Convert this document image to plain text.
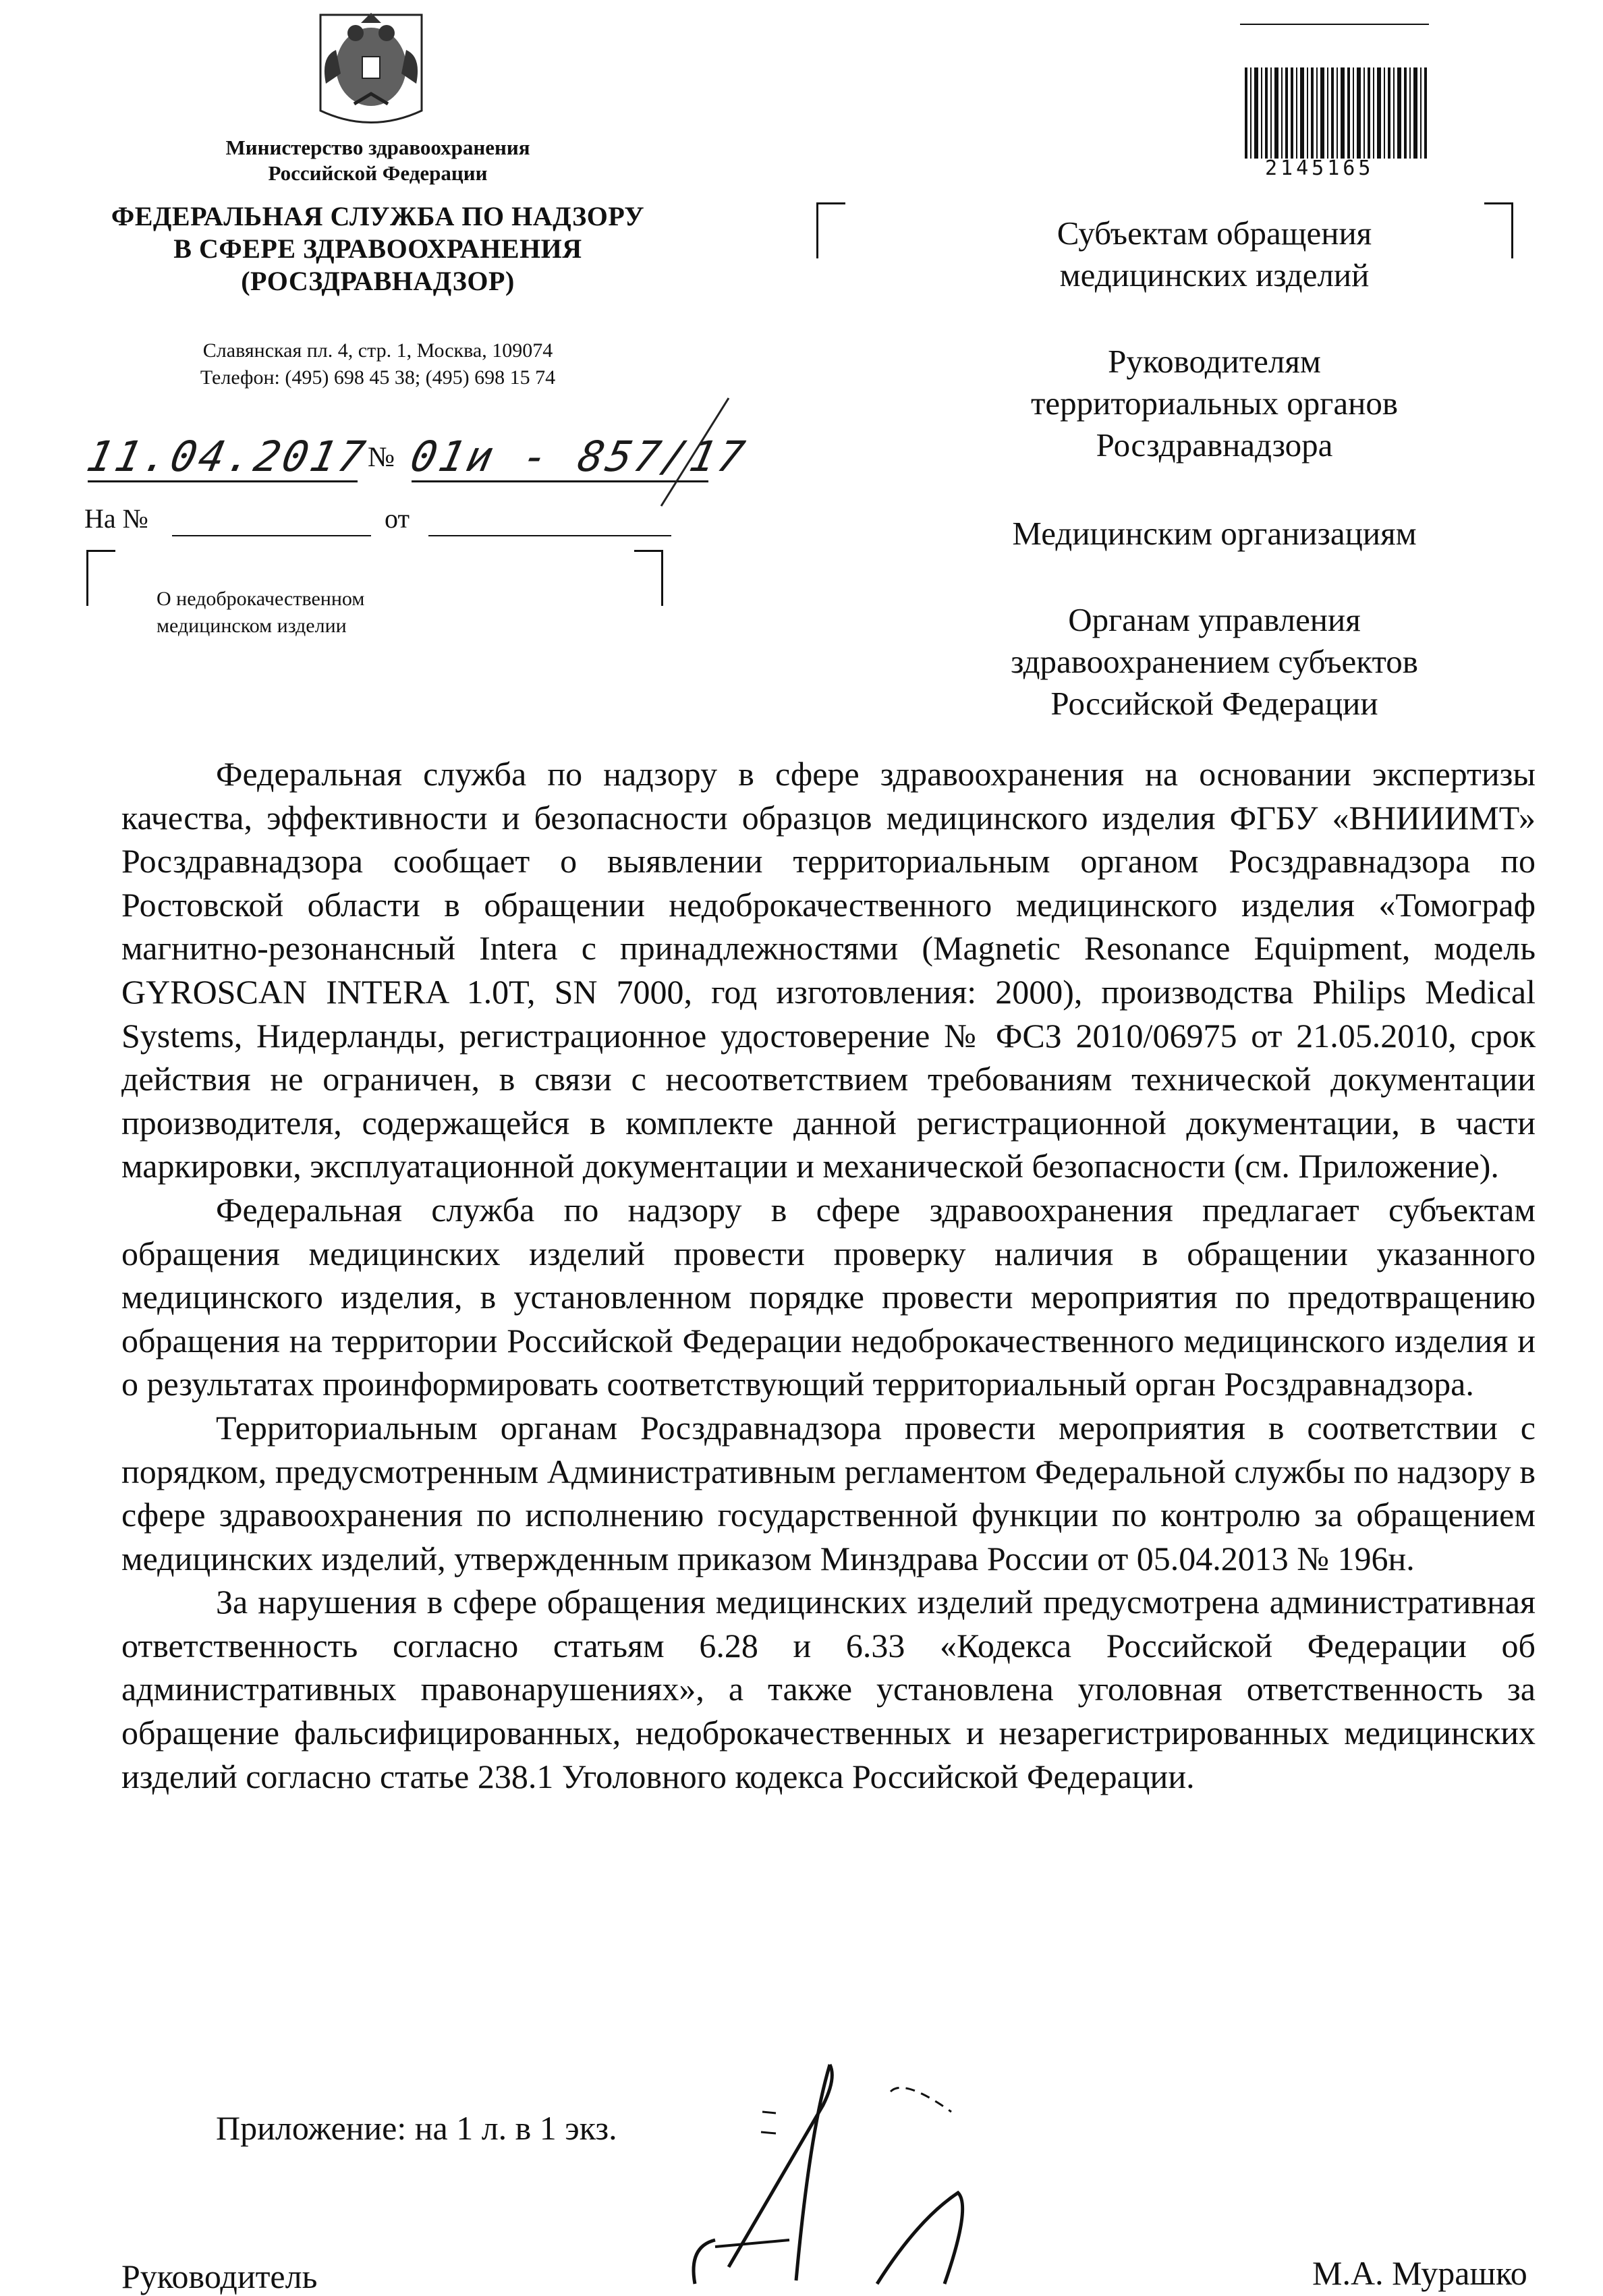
Министерство здравоохранения
Российской Федерации
ФЕДЕРАЛЬНАЯ СЛУЖБА ПО НАДЗОРУ
В СФЕРЕ ЗДРАВООХРАНЕНИЯ
(РОСЗДРАВНАДЗОР)
Славянская пл. 4, стр. 1, Москва, 109074
Телефон: (495) 698 45 38; (495) 698 15 74
11.04.2017
№ 01и - 857/17
На №	от
О недоброкачественном
медицинском изделии
2145165
Субъектам обращения
медицинских изделий
Руководителям
территориальных органов
Росздравнадзора
Медицинским организациям
Органам управления
здравоохранением субъектов
Российской Федерации

Федеральная служба по надзору в сфере здравоохранения на основании экспертизы качества, эффективности и безопасности образцов медицинского изделия ФГБУ «ВНИИИМТ» Росздравнадзора сообщает о выявлении территориальным органом Росздравнадзора по Ростовской области в обращении недоброкачественного медицинского изделия «Томограф магнитно-резонансный Intera с принадлежностями (Magnetic Resonance Equipment, модель GYROSCAN INTERA 1.0T, SN 7000, год изготовления: 2000), производства Philips Medical Systems, Нидерланды, регистрационное удостоверение № ФСЗ 2010/06975 от 21.05.2010, срок действия не ограничен, в связи с несоответствием требованиям технической документации производителя, содержащейся в комплекте данной регистрационной документации, в части маркировки, эксплуатационной документации и механической безопасности (см. Приложение).

Федеральная служба по надзору в сфере здравоохранения предлагает субъектам обращения медицинских изделий провести проверку наличия в обращении указанного медицинского изделия, в установленном порядке провести мероприятия по предотвращению обращения на территории Российской Федерации недоброкачественного медицинского изделия и о результатах проинформировать соответствующий территориальный орган Росздравнадзора.

Территориальным органам Росздравнадзора провести мероприятия в соответствии с порядком, предусмотренным Административным регламентом Федеральной службы по надзору в сфере здравоохранения по исполнению государственной функции по контролю за обращением медицинских изделий, утвержденным приказом Минздрава России от 05.04.2013 № 196н.

За нарушения в сфере обращения медицинских изделий предусмотрена административная ответственность согласно статьям 6.28 и 6.33 «Кодекса Российской Федерации об административных правонарушениях», а также установлена уголовная ответственность за обращение фальсифицированных, недоброкачественных и незарегистрированных медицинских изделий согласно статье 238.1 Уголовного кодекса Российской Федерации.

Приложение: на 1 л. в 1 экз.
Руководитель	М.А. Мурашко
